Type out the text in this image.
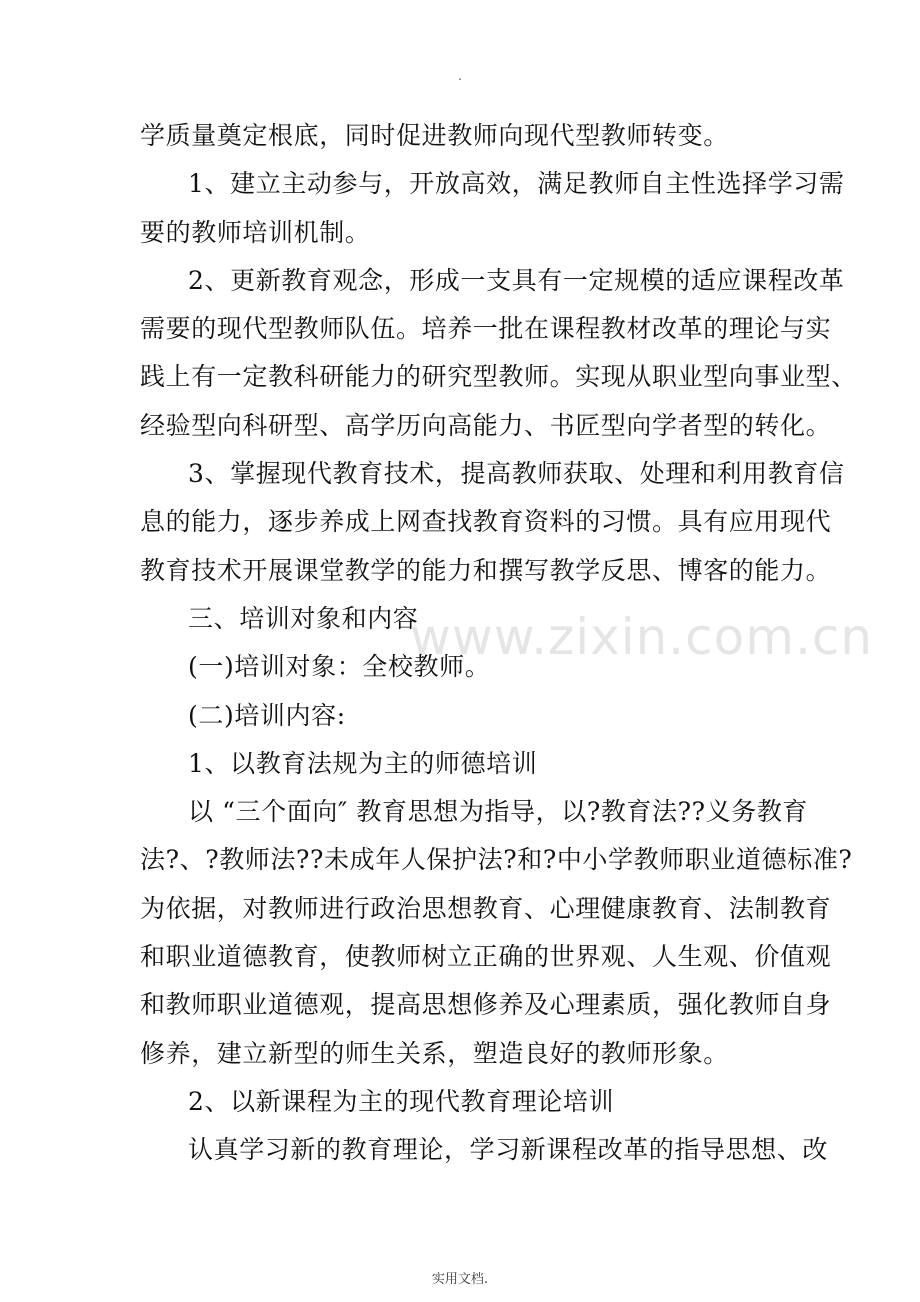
.

学质量奠定根底，同时促进教师向现代型教师转变。

1、建立主动参与，开放高效，满足教师自主性选择学习需

要的教师培训机制。

2、更新教育观念，形成一支具有一定规模的适应课程改革

需要的现代型教师队伍。培养一批在课程教材改革的理论与实

践上有一定教科研能力的研究型教师。实现从职业型向事业型、

经验型向科研型、高学历向高能力、书匠型向学者型的转化。

3、掌握现代教育技术，提高教师获取、处理和利用教育信

息的能力，逐步养成上网查找教育资料的习惯。具有应用现代

教育技术开展课堂教学的能力和撰写教学反思、博客的能力。

三、培训对象和内容

(一)培训对象：全校教师。

(二)培训内容:

1、以教育法规为主的师德培训

以 “三个面向″ 教育思想为指导，以?教育法??义务教育

法?、?教师法??未成年人保护法?和?中小学教师职业道德标准?

为依据，对教师进行政治思想教育、心理健康教育、法制教育

和职业道德教育，使教师树立正确的世界观、人生观、价值观

和教师职业道德观，提高思想修养及心理素质，强化教师自身

修养，建立新型的师生关系，塑造良好的教师形象。

2、以新课程为主的现代教育理论培训

认真学习新的教育理论，学习新课程改革的指导思想、改

www.zixin.com.cn
实用文档.
